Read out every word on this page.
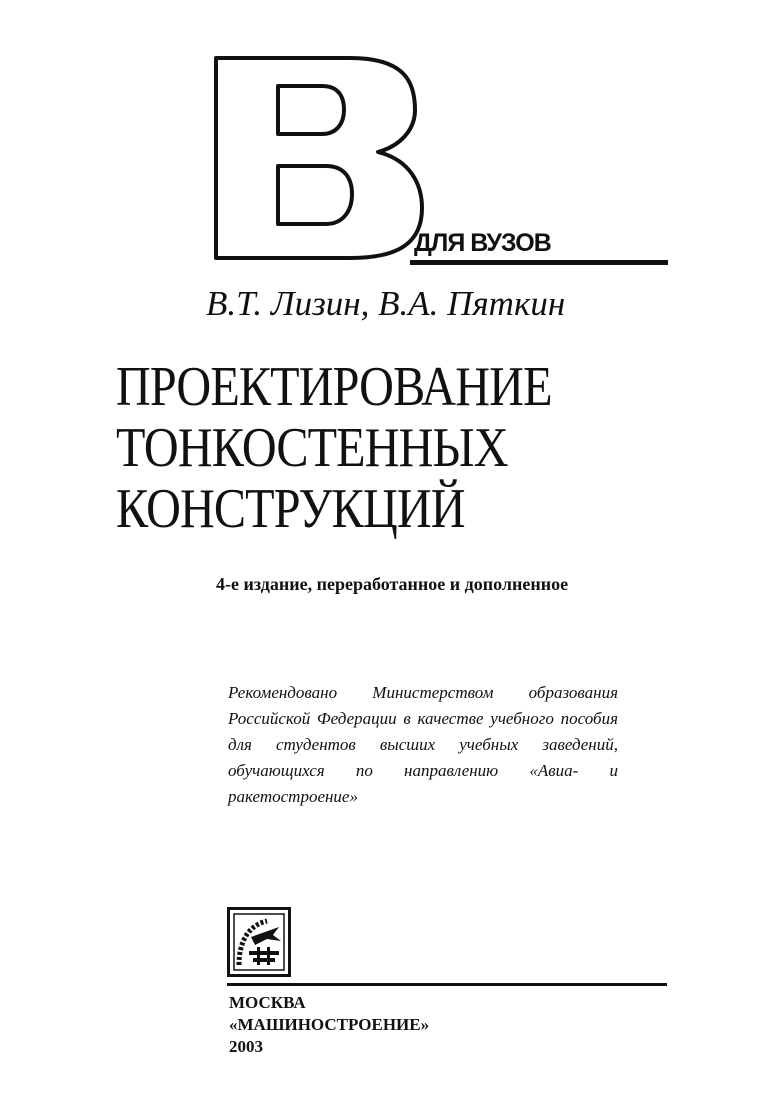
ДЛЯ ВУЗОВ
В.Т. Лизин, В.А. Пяткин
ПРОЕКТИРОВАНИЕ
ТОНКОСТЕННЫХ
КОНСТРУКЦИЙ
4-е издание, переработанное и дополненное

Рекомендовано Министерством образования Российской Федерации в качестве учебного пособия для студентов высших учебных заведений, обучающихся по направлению «Авиа- и ракетостроение»

МОСКВА
«МАШИНОСТРОЕНИЕ»
2003
